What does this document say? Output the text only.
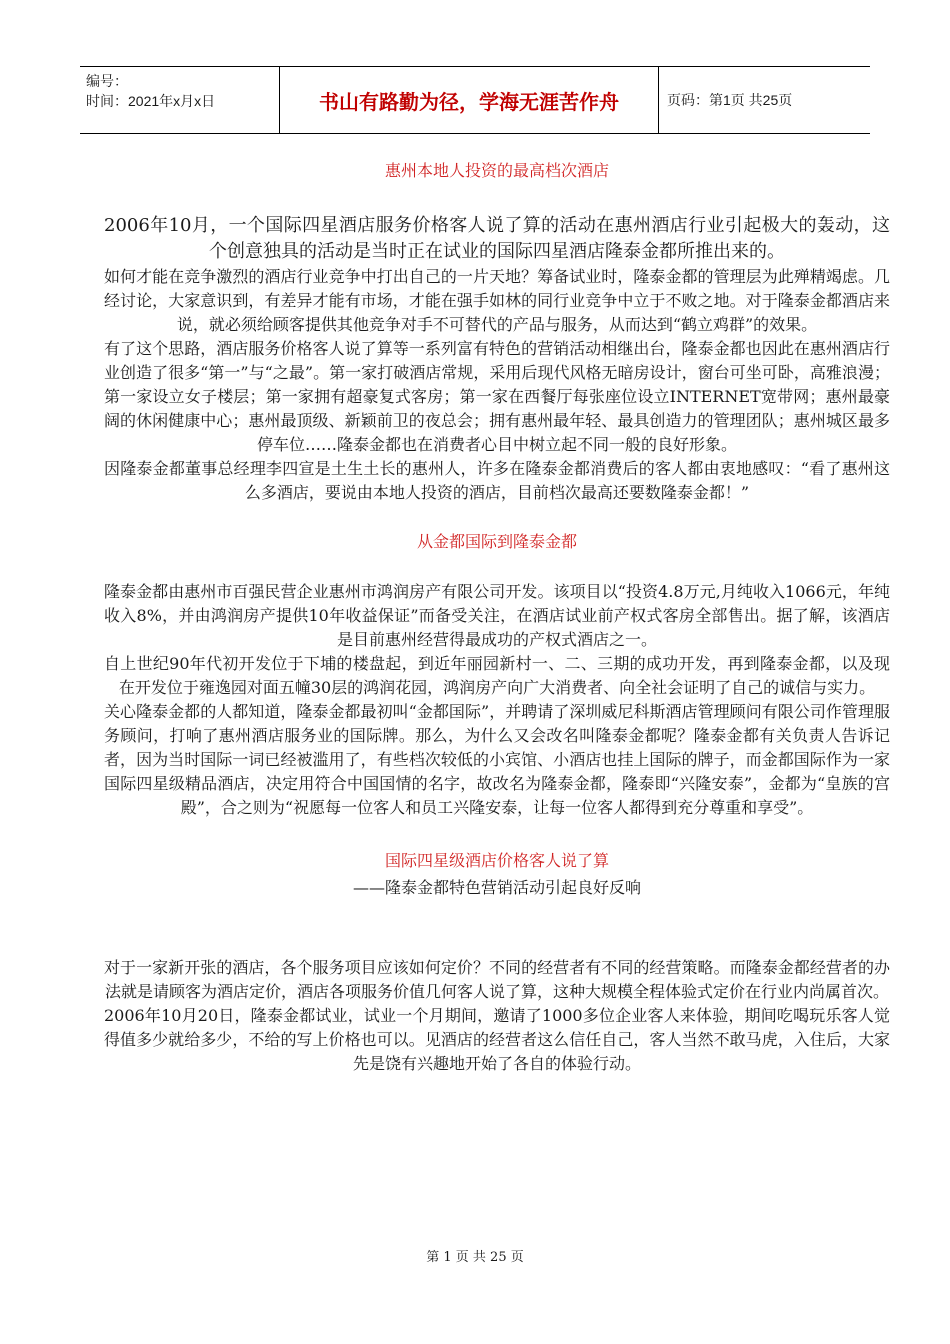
编号：
时间：2021年x月x日	书山有路勤为径，学海无涯苦作舟	页码：第1页 共25页
惠州本地人投资的最高档次酒店

2006年10月，一个国际四星酒店服务价格客人说了算的活动在惠州酒店行业引起极大的轰动，这个创意独具的活动是当时正在试业的国际四星酒店隆泰金都所推出来的。

如何才能在竞争激烈的酒店行业竞争中打出自己的一片天地？筹备试业时，隆泰金都的管理层为此殚精竭虑。几经讨论，大家意识到，有差异才能有市场，才能在强手如林的同行业竞争中立于不败之地。对于隆泰金都酒店来说，就必须给顾客提供其他竞争对手不可替代的产品与服务，从而达到“鹤立鸡群”的效果。

有了这个思路，酒店服务价格客人说了算等一系列富有特色的营销活动相继出台，隆泰金都也因此在惠州酒店行业创造了很多“第一”与“之最”。第一家打破酒店常规，采用后现代风格无暗房设计，窗台可坐可卧，高雅浪漫；第一家设立女子楼层；第一家拥有超豪复式客房；第一家在西餐厅每张座位设立INTERNET宽带网；惠州最豪阔的休闲健康中心；惠州最顶级、新颖前卫的夜总会；拥有惠州最年轻、最具创造力的管理团队；惠州城区最多停车位……隆泰金都也在消费者心目中树立起不同一般的良好形象。

因隆泰金都董事总经理李四宣是土生土长的惠州人，许多在隆泰金都消费后的客人都由衷地感叹：“看了惠州这么多酒店，要说由本地人投资的酒店，目前档次最高还要数隆泰金都！”

从金都国际到隆泰金都

隆泰金都由惠州市百强民营企业惠州市鸿润房产有限公司开发。该项目以“投资4.8万元,月纯收入1066元，年纯收入8%，并由鸿润房产提供10年收益保证”而备受关注，在酒店试业前产权式客房全部售出。据了解，该酒店是目前惠州经营得最成功的产权式酒店之一。

自上世纪90年代初开发位于下埔的楼盘起，到近年丽园新村一、二、三期的成功开发，再到隆泰金都，以及现在开发位于雍逸园对面五幢30层的鸿润花园，鸿润房产向广大消费者、向全社会证明了自己的诚信与实力。

关心隆泰金都的人都知道，隆泰金都最初叫“金都国际”，并聘请了深圳威尼科斯酒店管理顾问有限公司作管理服务顾问，打响了惠州酒店服务业的国际牌。那么，为什么又会改名叫隆泰金都呢？隆泰金都有关负责人告诉记者，因为当时国际一词已经被滥用了，有些档次较低的小宾馆、小酒店也挂上国际的牌子，而金都国际作为一家国际四星级精品酒店，决定用符合中国国情的名字，故改名为隆泰金都，隆泰即“兴隆安泰”，金都为“皇族的宫殿”，合之则为“祝愿每一位客人和员工兴隆安泰，让每一位客人都得到充分尊重和享受”。

国际四星级酒店价格客人说了算
——隆泰金都特色营销活动引起良好反响

对于一家新开张的酒店，各个服务项目应该如何定价？不同的经营者有不同的经营策略。而隆泰金都经营者的办法就是请顾客为酒店定价，酒店各项服务价值几何客人说了算，这种大规模全程体验式定价在行业内尚属首次。

2006年10月20日，隆泰金都试业，试业一个月期间，邀请了1000多位企业客人来体验，期间吃喝玩乐客人觉得值多少就给多少，不给的写上价格也可以。见酒店的经营者这么信任自己，客人当然不敢马虎，入住后，大家先是饶有兴趣地开始了各自的体验行动。

第 1 页 共 25 页
